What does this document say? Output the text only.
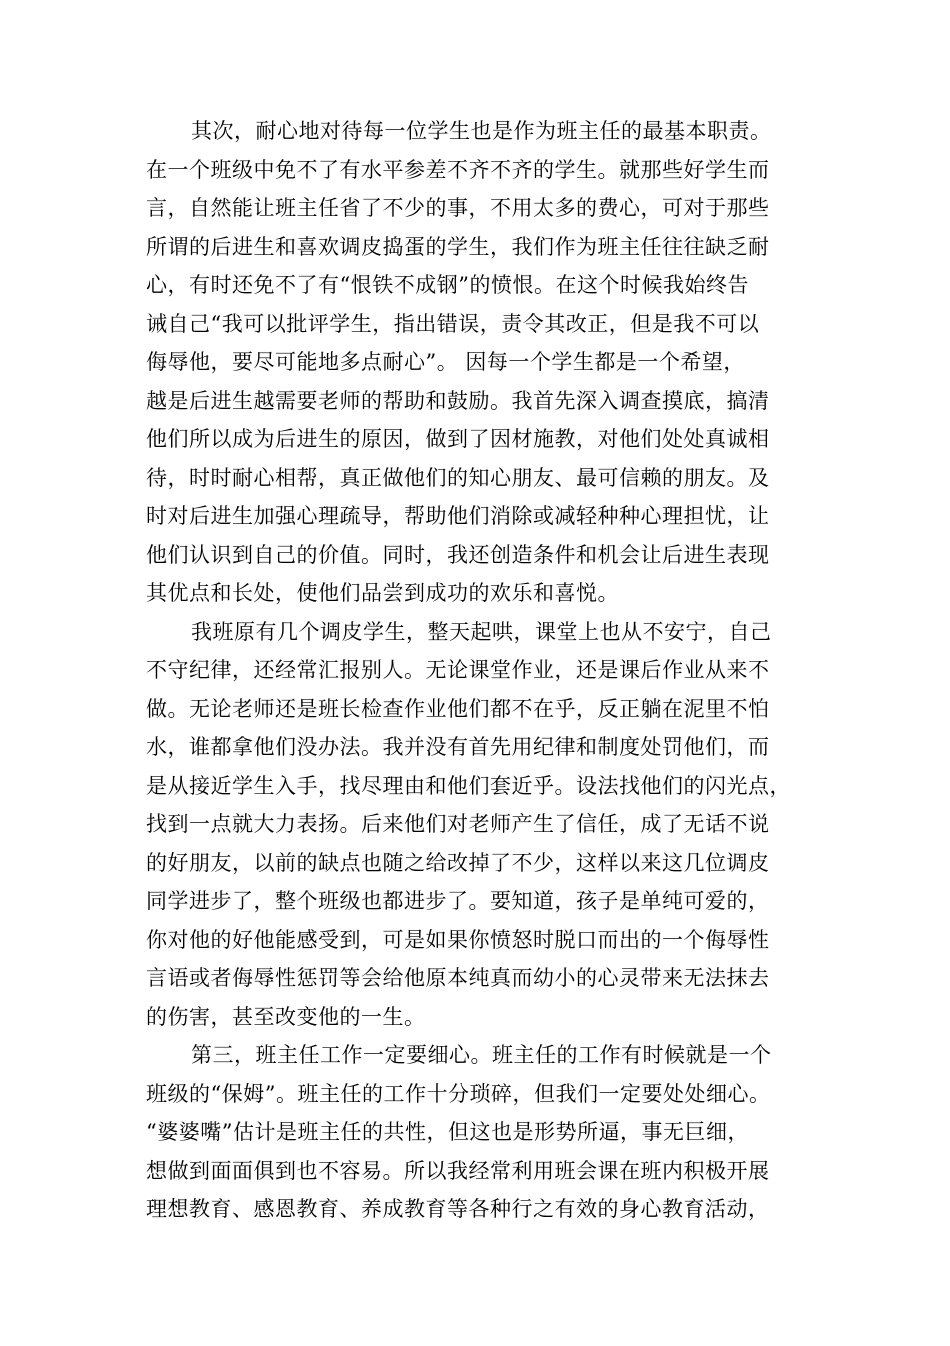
其次，耐心地对待每一位学生也是作为班主任的最基本职责。
在一个班级中免不了有水平参差不齐不齐的学生。就那些好学生而
言，自然能让班主任省了不少的事，不用太多的费心，可对于那些
所谓的后进生和喜欢调皮捣蛋的学生，我们作为班主任往往缺乏耐
心，有时还免不了有“恨铁不成钢”的愤恨。在这个时候我始终告
诫自己“我可以批评学生，指出错误，责令其改正，但是我不可以
侮辱他，要尽可能地多点耐心”。 因每一个学生都是一个希望，
越是后进生越需要老师的帮助和鼓励。我首先深入调查摸底，搞清
他们所以成为后进生的原因，做到了因材施教，对他们处处真诚相
待，时时耐心相帮，真正做他们的知心朋友、最可信赖的朋友。及
时对后进生加强心理疏导，帮助他们消除或减轻种种心理担忧，让
他们认识到自己的价值。同时，我还创造条件和机会让后进生表现
其优点和长处，使他们品尝到成功的欢乐和喜悦。
我班原有几个调皮学生，整天起哄，课堂上也从不安宁，自己
不守纪律，还经常汇报别人。无论课堂作业，还是课后作业从来不
做。无论老师还是班长检查作业他们都不在乎，反正躺在泥里不怕
水，谁都拿他们没办法。我并没有首先用纪律和制度处罚他们，而
是从接近学生入手，找尽理由和他们套近乎。设法找他们的闪光点，
找到一点就大力表扬。后来他们对老师产生了信任，成了无话不说
的好朋友，以前的缺点也随之给改掉了不少，这样以来这几位调皮
同学进步了，整个班级也都进步了。要知道，孩子是单纯可爱的，
你对他的好他能感受到，可是如果你愤怒时脱口而出的一个侮辱性
言语或者侮辱性惩罚等会给他原本纯真而幼小的心灵带来无法抹去
的伤害，甚至改变他的一生。
第三，班主任工作一定要细心。班主任的工作有时候就是一个
班级的“保姆”。班主任的工作十分琐碎，但我们一定要处处细心。
“婆婆嘴”估计是班主任的共性，但这也是形势所逼，事无巨细，
想做到面面俱到也不容易。所以我经常利用班会课在班内积极开展
理想教育、感恩教育、养成教育等各种行之有效的身心教育活动，
